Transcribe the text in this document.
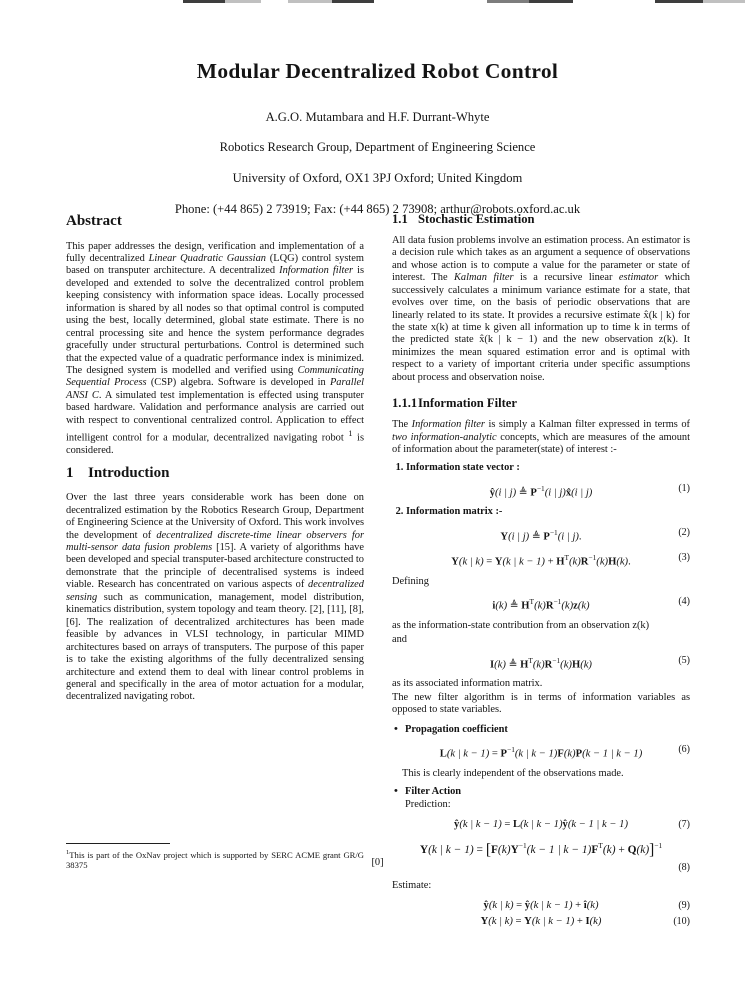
Modular Decentralized Robot Control

A.G.O. Mutambara and H.F. Durrant-Whyte

Robotics Research Group, Department of Engineering Science

University of Oxford, OX1 3PJ Oxford; United Kingdom

Phone: (+44 865) 2 73919; Fax: (+44 865) 2 73908; arthur@robots.oxford.ac.uk

Abstract

This paper addresses the design, verification and implementation of a fully decentralized Linear Quadratic Gaussian (LQG) control system based on transputer architecture. A decentralized Information filter is developed and extended to solve the decentralized control problem keeping consistency with information space ideas. Locally processed information is shared by all nodes so that optimal control is computed using the best, locally determined, global state estimate. There is no central processing site and hence the system performance degrades gracefully under structural perturbations. Control is determined such that the expected value of a quadratic performance index is minimized. The designed system is modelled and verified using Communicating Sequential Process (CSP) algebra. Software is developed in Parallel ANSI C. A simulated test implementation is effected using transputer based hardware. Validation and performance analysis are carried out with respect to conventional centralized control. Application to effect intelligent control for a modular, decentralized navigating robot $^1$ is considered.

1 Introduction

Over the last three years considerable work has been done on decentralized estimation by the Robotics Research Group, Department of Engineering Science at the University of Oxford. This work involves the development of decentralized discrete-time linear observers for multi-sensor data fusion problems [15]. A variety of algorithms have been developed and special transputer-based architecture constructed to demonstrate that the principle of decentralised systems is indeed viable. Research has concentrated on various aspects of decentralized sensing such as communication, management, model distribution, kinematics distribution, system topology and team theory. [2], [11], [8], [6]. The realization of decentralized architectures has been made feasible by advances in VLSI technology, in particular MIMD architectures based on arrays of transputers. The purpose of this paper is to take the existing algorithms of the fully decentralized sensing architecture and extend them to deal with linear control problems in general and specifically in the area of motor actuation for a modular, decentralized navigating robot.

1.1 Stochastic Estimation

All data fusion problems involve an estimation process. An estimator is a decision rule which takes as an argument a sequence of observations and whose action is to compute a value for the parameter or state of interest. The Kalman filter is a recursive linear estimator which successively calculates a minimum variance estimate for a state, that evolves over time, on the basis of periodic observations that are linearly related to its state. It provides a recursive estimate x̂(k | k) for the state x(k) at time k given all information up to time k in terms of the predicted state x̂(k | k − 1) and the new observation z(k). It minimizes the mean squared estimation error and is optimal with respect to a variety of important criteria under specific assumptions about process and observation noise.

1.1.1Information Filter

The Information filter is simply a Kalman filter expressed in terms of two information-analytic concepts, which are measures of the amount of information about the parameter(state) of interest :-

1. Information state vector :
ŷ(i | j) ≜ $P^{-1}(i$ | j)x̂(i | j)	(1)
2. Information matrix :-
Y(i | j) ≜ $P^{-1}(i$ | j).	(2)
Y(k | k) = Y(k | $k - 1) + H^T(k)R^{-1}(k)H(k)$.	(3)

Defining

i(k) ≜ $H^T(k)R^{-1}(k)z(k)$	(4)

as the information-state contribution from an observation z(k)

and

I(k) ≜ $H^T(k)R^{-1}(k)H(k)$	(5)

as its associated information matrix.

The new filter algorithm is in terms of information variables as opposed to state variables.

• Propagation coefficient
L(k | $k - 1) = P^{-1}(k$ | k − 1)F(k)P(k − 1 | k − 1)	(6)

This is clearly independent of the observations made.

• Filter Action
Prediction:
ŷ(k | k − 1) = L(k | k − 1)ŷ(k − 1 | k − 1)	(7)
Y(k | $k - 1) = [F(k)Y^{-1}(k - 1$ | $k - 1)F^T(k) + Q(k)]^{-1}$
(8)

Estimate:

ŷ(k | k) = ŷ(k | k − 1) + î(k)	(9)
Y(k | k) = Y(k | k − 1) + I(k)	(10)

$^1$This is part of the OxNav project which is supported by SERC ACME grant GR/G 38375	[0]
